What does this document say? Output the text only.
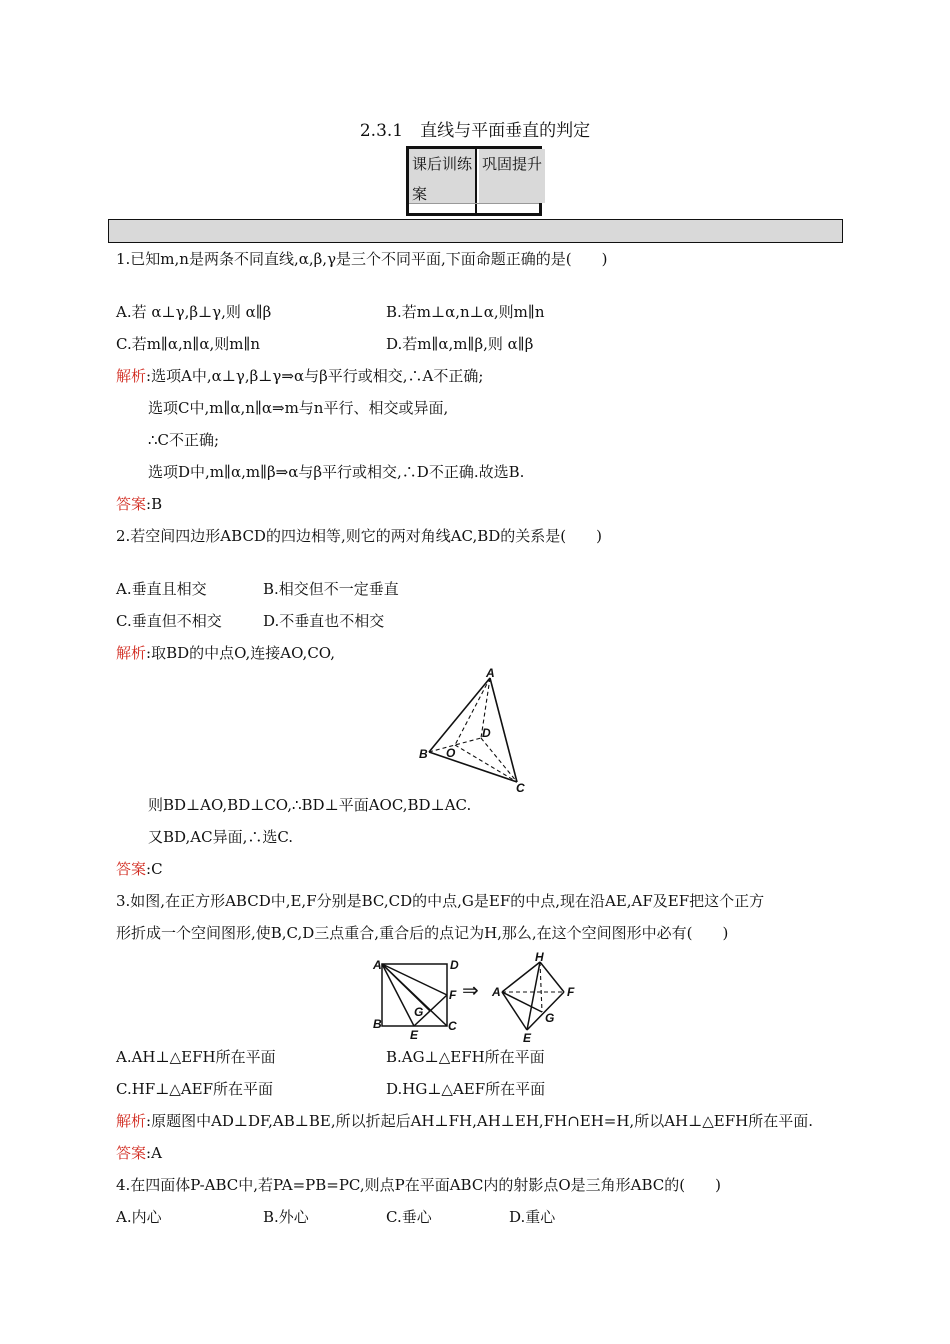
2.3.1　直线与平面垂直的判定
课后训练案
巩固提升
1.已知m,n是两条不同直线,α,β,γ是三个不同平面,下面命题正确的是(　　)
A.若 α⊥γ,β⊥γ,则 α∥β	B.若m⊥α,n⊥α,则m∥n
C.若m∥α,n∥α,则m∥n	D.若m∥α,m∥β,则 α∥β
解析:选项A中,α⊥γ,β⊥γ⇒α与β平行或相交,∴A不正确;
选项C中,m∥α,n∥α⇒m与n平行、相交或异面,
∴C不正确;
选项D中,m∥α,m∥β⇒α与β平行或相交,∴D不正确.故选B.
答案:B
2.若空间四边形ABCD的四边相等,则它的两对角线AC,BD的关系是(　　)
A.垂直且相交	B.相交但不一定垂直
C.垂直但不相交	D.不垂直也不相交
解析:取BD的中点O,连接AO,CO,
A
B
C
D
O
则BD⊥AO,BD⊥CO,∴BD⊥平面AOC,BD⊥AC.
又BD,AC异面,∴选C.
答案:C
3.如图,在正方形ABCD中,E,F分别是BC,CD的中点,G是EF的中点,现在沿AE,AF及EF把这个正方
形折成一个空间图形,使B,C,D三点重合,重合后的点记为H,那么,在这个空间图形中必有(　　)
A	D
B	C
E
F
G
⇒
H
A	F
G
E
A.AH⊥△EFH所在平面	B.AG⊥△EFH所在平面
C.HF⊥△AEF所在平面	D.HG⊥△AEF所在平面
解析:原题图中AD⊥DF,AB⊥BE,所以折起后AH⊥FH,AH⊥EH,FH∩EH=H,所以AH⊥△EFH所在平面.
答案:A
4.在四面体P-ABC中,若PA=PB=PC,则点P在平面ABC内的射影点O是三角形ABC的(　　)
A.内心	B.外心	C.垂心	D.重心
